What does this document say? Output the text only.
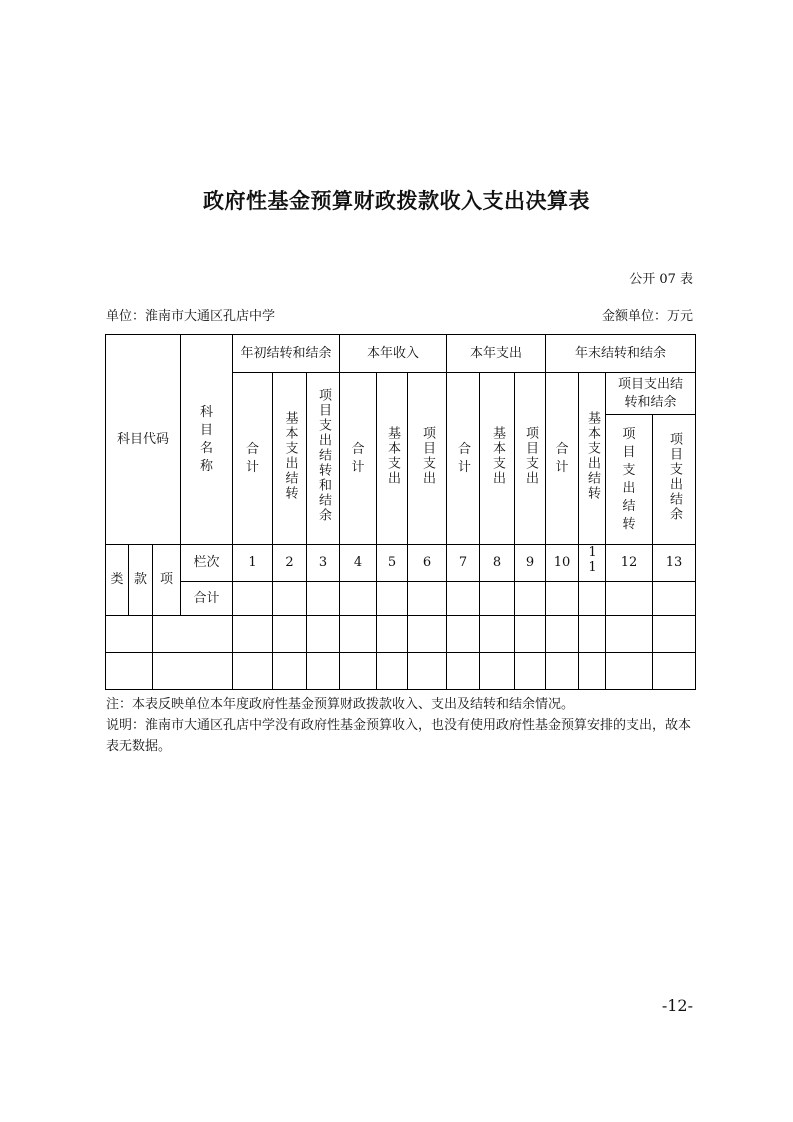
政府性基金预算财政拨款收入支出决算表
公开 07 表
单位：淮南市大通区孔店中学	金额单位：万元
科目代码			科目名称	年初结转和结余			本年收入			本年支出			年末结转和结余			
				合计	基本支出结转	项目支出结转和结余	合计	基本支出	项目支出	合计	基本支出	项目支出	合计	基本支出结转	项目支出结转和结余	
															项目支出结转	项目支出结余
类	款	项	栏次	1	2	3	4	5	6	7	8	9	10	11	12	13
			合计													

注：本表反映单位本年度政府性基金预算财政拨款收入、支出及结转和结余情况。

说明：淮南市大通区孔店中学没有政府性基金预算收入，也没有使用政府性基金预算安排的支出，故本表无数据。

-12-
